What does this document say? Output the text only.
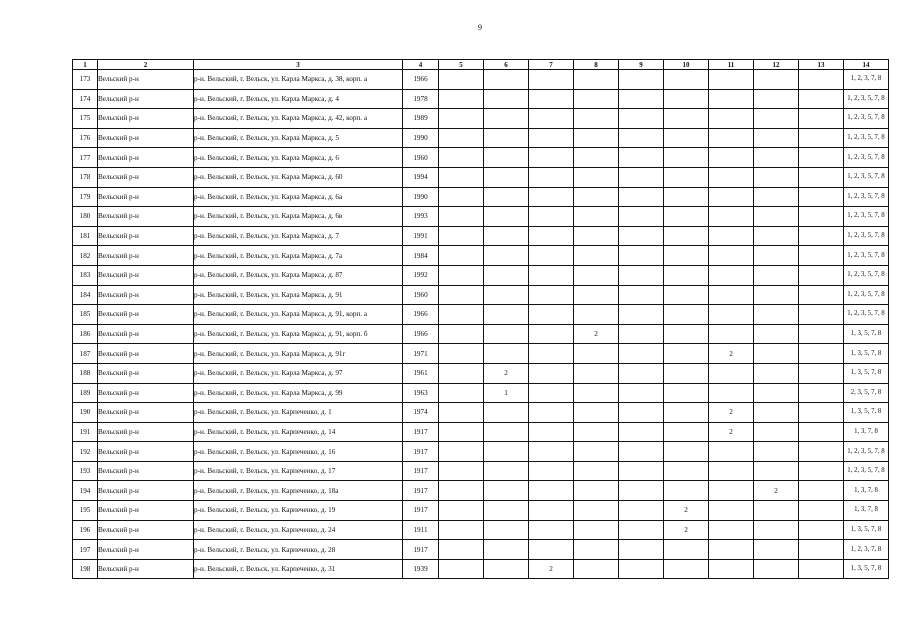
9
1	2	3	4	5	6	7	8	9	10	11	12	13	14
173	Вельский р-н	р-н. Вельский, г. Вельск, ул. Карла Маркса, д. 38, корп. а	1966										1, 2, 3, 7, 8
174	Вельский р-н	р-н. Вельский, г. Вельск, ул. Карла Маркса, д. 4	1978										1, 2, 3, 5, 7, 8
175	Вельский р-н	р-н. Вельский, г. Вельск, ул. Карла Маркса, д. 42, корп. а	1989										1, 2, 3, 5, 7, 8
176	Вельский р-н	р-н. Вельский, г. Вельск, ул. Карла Маркса, д. 5	1990										1, 2, 3, 5, 7, 8
177	Вельский р-н	р-н. Вельский, г. Вельск, ул. Карла Маркса, д. 6	1960										1, 2, 3, 5, 7, 8
178	Вельский р-н	р-н. Вельский, г. Вельск, ул. Карла Маркса, д. 60	1994										1, 2, 3, 5, 7, 8
179	Вельский р-н	р-н. Вельский, г. Вельск, ул. Карла Маркса, д. 6а	1990										1, 2, 3, 5, 7, 8
180	Вельский р-н	р-н. Вельский, г. Вельск, ул. Карла Маркса, д. 6в	1993										1, 2, 3, 5, 7, 8
181	Вельский р-н	р-н. Вельский, г. Вельск, ул. Карла Маркса, д. 7	1991										1, 2, 3, 5, 7, 8
182	Вельский р-н	р-н. Вельский, г. Вельск, ул. Карла Маркса, д. 7а	1984										1, 2, 3, 5, 7, 8
183	Вельский р-н	р-н. Вельский, г. Вельск, ул. Карла Маркса, д. 87	1992										1, 2, 3, 5, 7, 8
184	Вельский р-н	р-н. Вельский, г. Вельск, ул. Карла Маркса, д. 91	1960										1, 2, 3, 5, 7, 8
185	Вельский р-н	р-н. Вельский, г. Вельск, ул. Карла Маркса, д. 91, корп. а	1966										1, 2, 3, 5, 7, 8
186	Вельский р-н	р-н. Вельский, г. Вельск, ул. Карла Маркса, д. 91, корп. б	1966				2						1, 3, 5, 7, 8
187	Вельский р-н	р-н. Вельский, г. Вельск, ул. Карла Маркса, д. 91г	1971							2			1, 3, 5, 7, 8
188	Вельский р-н	р-н. Вельский, г. Вельск, ул. Карла Маркса, д. 97	1961		2								1, 3, 5, 7, 8
189	Вельский р-н	р-н. Вельский, г. Вельск, ул. Карла Маркса, д. 99	1963		1								2, 3, 5, 7, 8
190	Вельский р-н	р-н. Вельский, г. Вельск, ул. Карпеченко, д. 1	1974							2			1, 3, 5, 7, 8
191	Вельский р-н	р-н. Вельский, г. Вельск, ул. Карпеченко, д. 14	1917							2			1, 3, 7, 8
192	Вельский р-н	р-н. Вельский, г. Вельск, ул. Карпеченко, д. 16	1917										1, 2, 3, 5, 7, 8
193	Вельский р-н	р-н. Вельский, г. Вельск, ул. Карпеченко, д. 17	1917										1, 2, 3, 5, 7, 8
194	Вельский р-н	р-н. Вельский, г. Вельск, ул. Карпеченко, д. 18а	1917								2		1, 3, 7, 8
195	Вельский р-н	р-н. Вельский, г. Вельск, ул. Карпеченко, д. 19	1917						2				1, 3, 7, 8
196	Вельский р-н	р-н. Вельский, г. Вельск, ул. Карпеченко, д. 24	1911						2				1, 3, 5, 7, 8
197	Вельский р-н	р-н. Вельский, г. Вельск, ул. Карпеченко, д. 28	1917										1, 2, 3, 7, 8
198	Вельский р-н	р-н. Вельский, г. Вельск, ул. Карпеченко, д. 31	1939			2							1, 3, 5, 7, 8
